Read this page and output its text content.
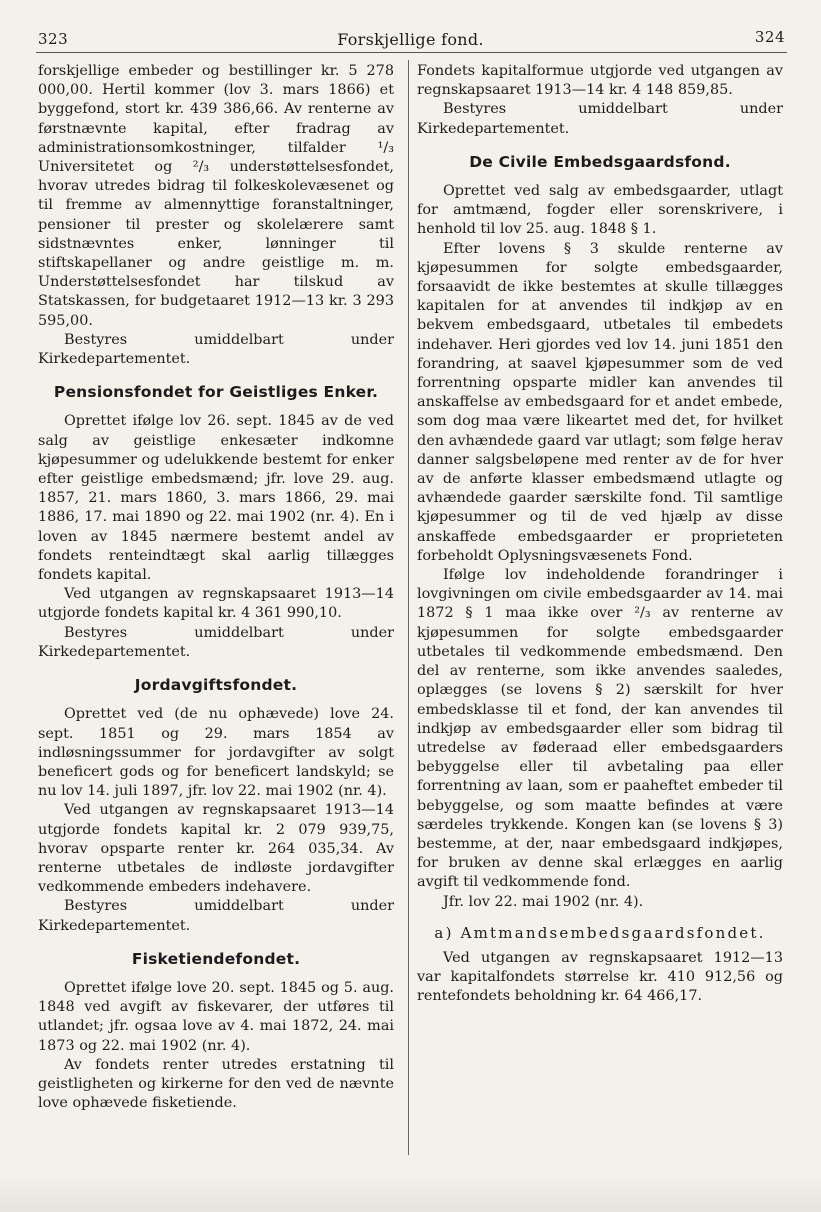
323	Forskjellige fond.	324

forskjellige embeder og bestillinger kr. 5 278 000,00. Hertil kommer (lov 3. mars 1866) et byggefond, stort kr. 439 386,66. Av renterne av førstnævnte kapital, efter fradrag av administrationsomkostninger, tilfalder ¹/₃ Universitetet og ²/₃ understøttelsesfondet, hvorav utredes bidrag til folkeskolevæsenet og til fremme av almennyttige foranstaltninger, pensioner til prester og skolelærere samt sidstnævntes enker, lønninger til stiftskapellaner og andre geistlige m. m. Understøttelsesfondet har tilskud av Statskassen, for budgetaaret 1912—13 kr. 3 293 595,00.

Bestyres umiddelbart under Kirkedepartementet.

Pensionsfondet for Geistliges Enker.

Oprettet ifølge lov 26. sept. 1845 av de ved salg av geistlige enkesæter indkomne kjøpesummer og udelukkende bestemt for enker efter geistlige embedsmænd; jfr. love 29. aug. 1857, 21. mars 1860, 3. mars 1866, 29. mai 1886, 17. mai 1890 og 22. mai 1902 (nr. 4). En i loven av 1845 nærmere bestemt andel av fondets renteindtægt skal aarlig tillægges fondets kapital.

Ved utgangen av regnskapsaaret 1913—14 utgjorde fondets kapital kr. 4 361 990,10.

Bestyres umiddelbart under Kirkedepartementet.

Jordavgiftsfondet.

Oprettet ved (de nu ophævede) love 24. sept. 1851 og 29. mars 1854 av indløsningssummer for jordavgifter av solgt beneficert gods og for beneficert landskyld; se nu lov 14. juli 1897, jfr. lov 22. mai 1902 (nr. 4).

Ved utgangen av regnskapsaaret 1913—14 utgjorde fondets kapital kr. 2 079 939,75, hvorav opsparte renter kr. 264 035,34. Av renterne utbetales de indløste jordavgifter vedkommende embeders indehavere.

Bestyres umiddelbart under Kirkedepartementet.

Fisketiendefondet.

Oprettet ifølge love 20. sept. 1845 og 5. aug. 1848 ved avgift av fiskevarer, der utføres til utlandet; jfr. ogsaa love av 4. mai 1872, 24. mai 1873 og 22. mai 1902 (nr. 4).

Av fondets renter utredes erstatning til geistligheten og kirkerne for den ved de nævnte love ophævede fisketiende.

Fondets kapitalformue utgjorde ved utgangen av regnskapsaaret 1913—14 kr. 4 148 859,85.

Bestyres umiddelbart under Kirkedepartementet.

De Civile Embedsgaardsfond.

Oprettet ved salg av embedsgaarder, utlagt for amtmænd, fogder eller sorenskrivere, i henhold til lov 25. aug. 1848 § 1.

Efter lovens § 3 skulde renterne av kjøpesummen for solgte embedsgaarder, forsaavidt de ikke bestemtes at skulle tillægges kapitalen for at anvendes til indkjøp av en bekvem embedsgaard, utbetales til embedets indehaver. Heri gjordes ved lov 14. juni 1851 den forandring, at saavel kjøpesummer som de ved forrentning opsparte midler kan anvendes til anskaffelse av embedsgaard for et andet embede, som dog maa være likeartet med det, for hvilket den avhændede gaard var utlagt; som følge herav danner salgsbeløpene med renter av de for hver av de anførte klasser embedsmænd utlagte og avhændede gaarder særskilte fond. Til samtlige kjøpesummer og til de ved hjælp av disse anskaffede embedsgaarder er proprieteten forbeholdt Oplysningsvæsenets Fond.

Ifølge lov indeholdende forandringer i lovgivningen om civile embedsgaarder av 14. mai 1872 § 1 maa ikke over ²/₃ av renterne av kjøpesummen for solgte embedsgaarder utbetales til vedkommende embedsmænd. Den del av renterne, som ikke anvendes saaledes, oplægges (se lovens § 2) særskilt for hver embedsklasse til et fond, der kan anvendes til indkjøp av embedsgaarder eller som bidrag til utredelse av føderaad eller embedsgaarders bebyggelse eller til avbetaling paa eller forrentning av laan, som er paaheftet embeder til bebyggelse, og som maatte befindes at være særdeles trykkende. Kongen kan (se lovens § 3) bestemme, at der, naar embedsgaard indkjøpes, for bruken av denne skal erlægges en aarlig avgift til vedkommende fond.

Jfr. lov 22. mai 1902 (nr. 4).

a) Amtmandsembedsgaardsfondet.

Ved utgangen av regnskapsaaret 1912—13 var kapitalfondets størrelse kr. 410 912,56 og rentefondets beholdning kr. 64 466,17.
